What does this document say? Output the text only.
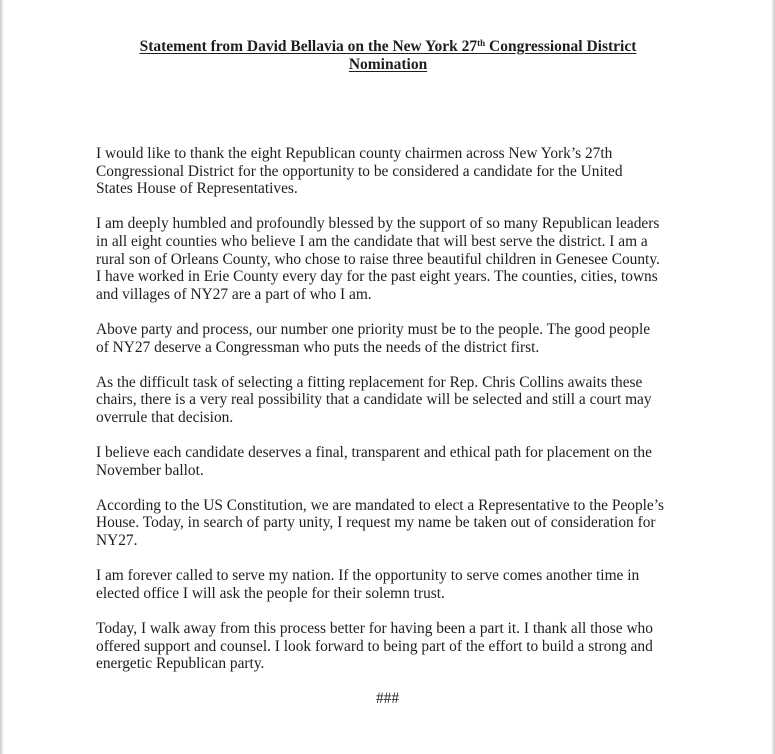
Statement from David Bellavia on the New York 27th Congressional District
Nomination

I would like to thank the eight Republican county chairmen across New York’s 27th
Congressional District for the opportunity to be considered a candidate for the United
States House of Representatives.

I am deeply humbled and profoundly blessed by the support of so many Republican leaders
in all eight counties who believe I am the candidate that will best serve the district. I am a
rural son of Orleans County, who chose to raise three beautiful children in Genesee County.
I have worked in Erie County every day for the past eight years. The counties, cities, towns
and villages of NY27 are a part of who I am.

Above party and process, our number one priority must be to the people. The good people
of NY27 deserve a Congressman who puts the needs of the district first.

As the difficult task of selecting a fitting replacement for Rep. Chris Collins awaits these
chairs, there is a very real possibility that a candidate will be selected and still a court may
overrule that decision.

I believe each candidate deserves a final, transparent and ethical path for placement on the
November ballot.

According to the US Constitution, we are mandated to elect a Representative to the People’s
House. Today, in search of party unity, I request my name be taken out of consideration for
NY27.

I am forever called to serve my nation. If the opportunity to serve comes another time in
elected office I will ask the people for their solemn trust.

Today, I walk away from this process better for having been a part it. I thank all those who
offered support and counsel. I look forward to being part of the effort to build a strong and
energetic Republican party.

###
